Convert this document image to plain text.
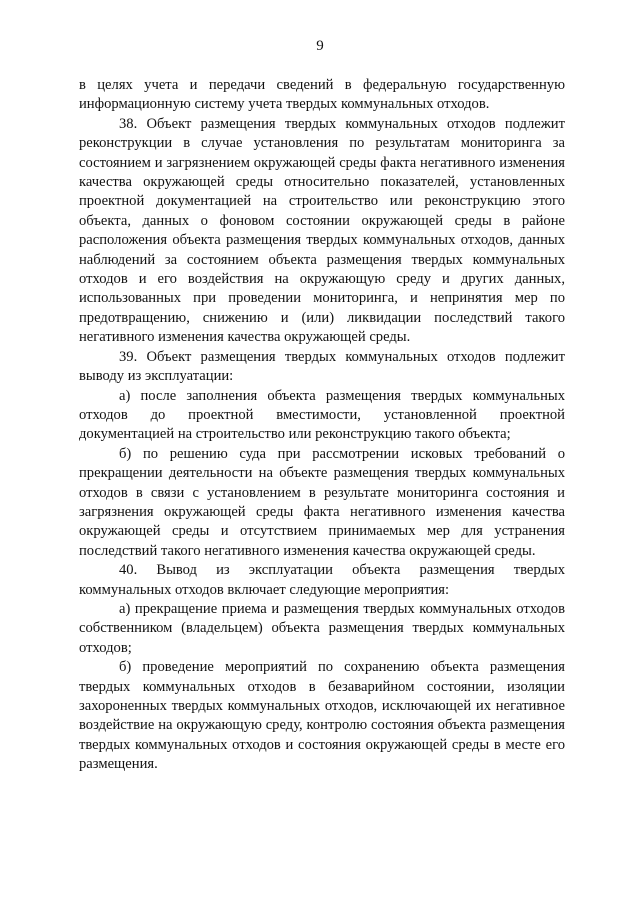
9

в целях учета и передачи сведений в федеральную государственную информационную систему учета твердых коммунальных отходов.

38. Объект размещения твердых коммунальных отходов подлежит реконструкции в случае установления по результатам мониторинга за состоянием и загрязнением окружающей среды факта негативного изменения качества окружающей среды относительно показателей, установленных проектной документацией на строительство или реконструкцию этого объекта, данных о фоновом состоянии окружающей среды в районе расположения объекта размещения твердых коммунальных отходов, данных наблюдений за состоянием объекта размещения твердых коммунальных отходов и его воздействия на окружающую среду и других данных, использованных при проведении мониторинга, и непринятия мер по предотвращению, снижению и (или) ликвидации последствий такого негативного изменения качества окружающей среды.

39. Объект размещения твердых коммунальных отходов подлежит выводу из эксплуатации:

а) после заполнения объекта размещения твердых коммунальных отходов до проектной вместимости, установленной проектной документацией на строительство или реконструкцию такого объекта;

б) по решению суда при рассмотрении исковых требований о прекращении деятельности на объекте размещения твердых коммунальных отходов в связи с установлением в результате мониторинга состояния и загрязнения окружающей среды факта негативного изменения качества окружающей среды и отсутствием принимаемых мер для устранения последствий такого негативного изменения качества окружающей среды.

40. Вывод из эксплуатации объекта размещения твердых коммунальных отходов включает следующие мероприятия:

а) прекращение приема и размещения твердых коммунальных отходов собственником (владельцем) объекта размещения твердых коммунальных отходов;

б) проведение мероприятий по сохранению объекта размещения твердых коммунальных отходов в безаварийном состоянии, изоляции захороненных твердых коммунальных отходов, исключающей их негативное воздействие на окружающую среду, контролю состояния объекта размещения твердых коммунальных отходов и состояния окружающей среды в месте его размещения.
